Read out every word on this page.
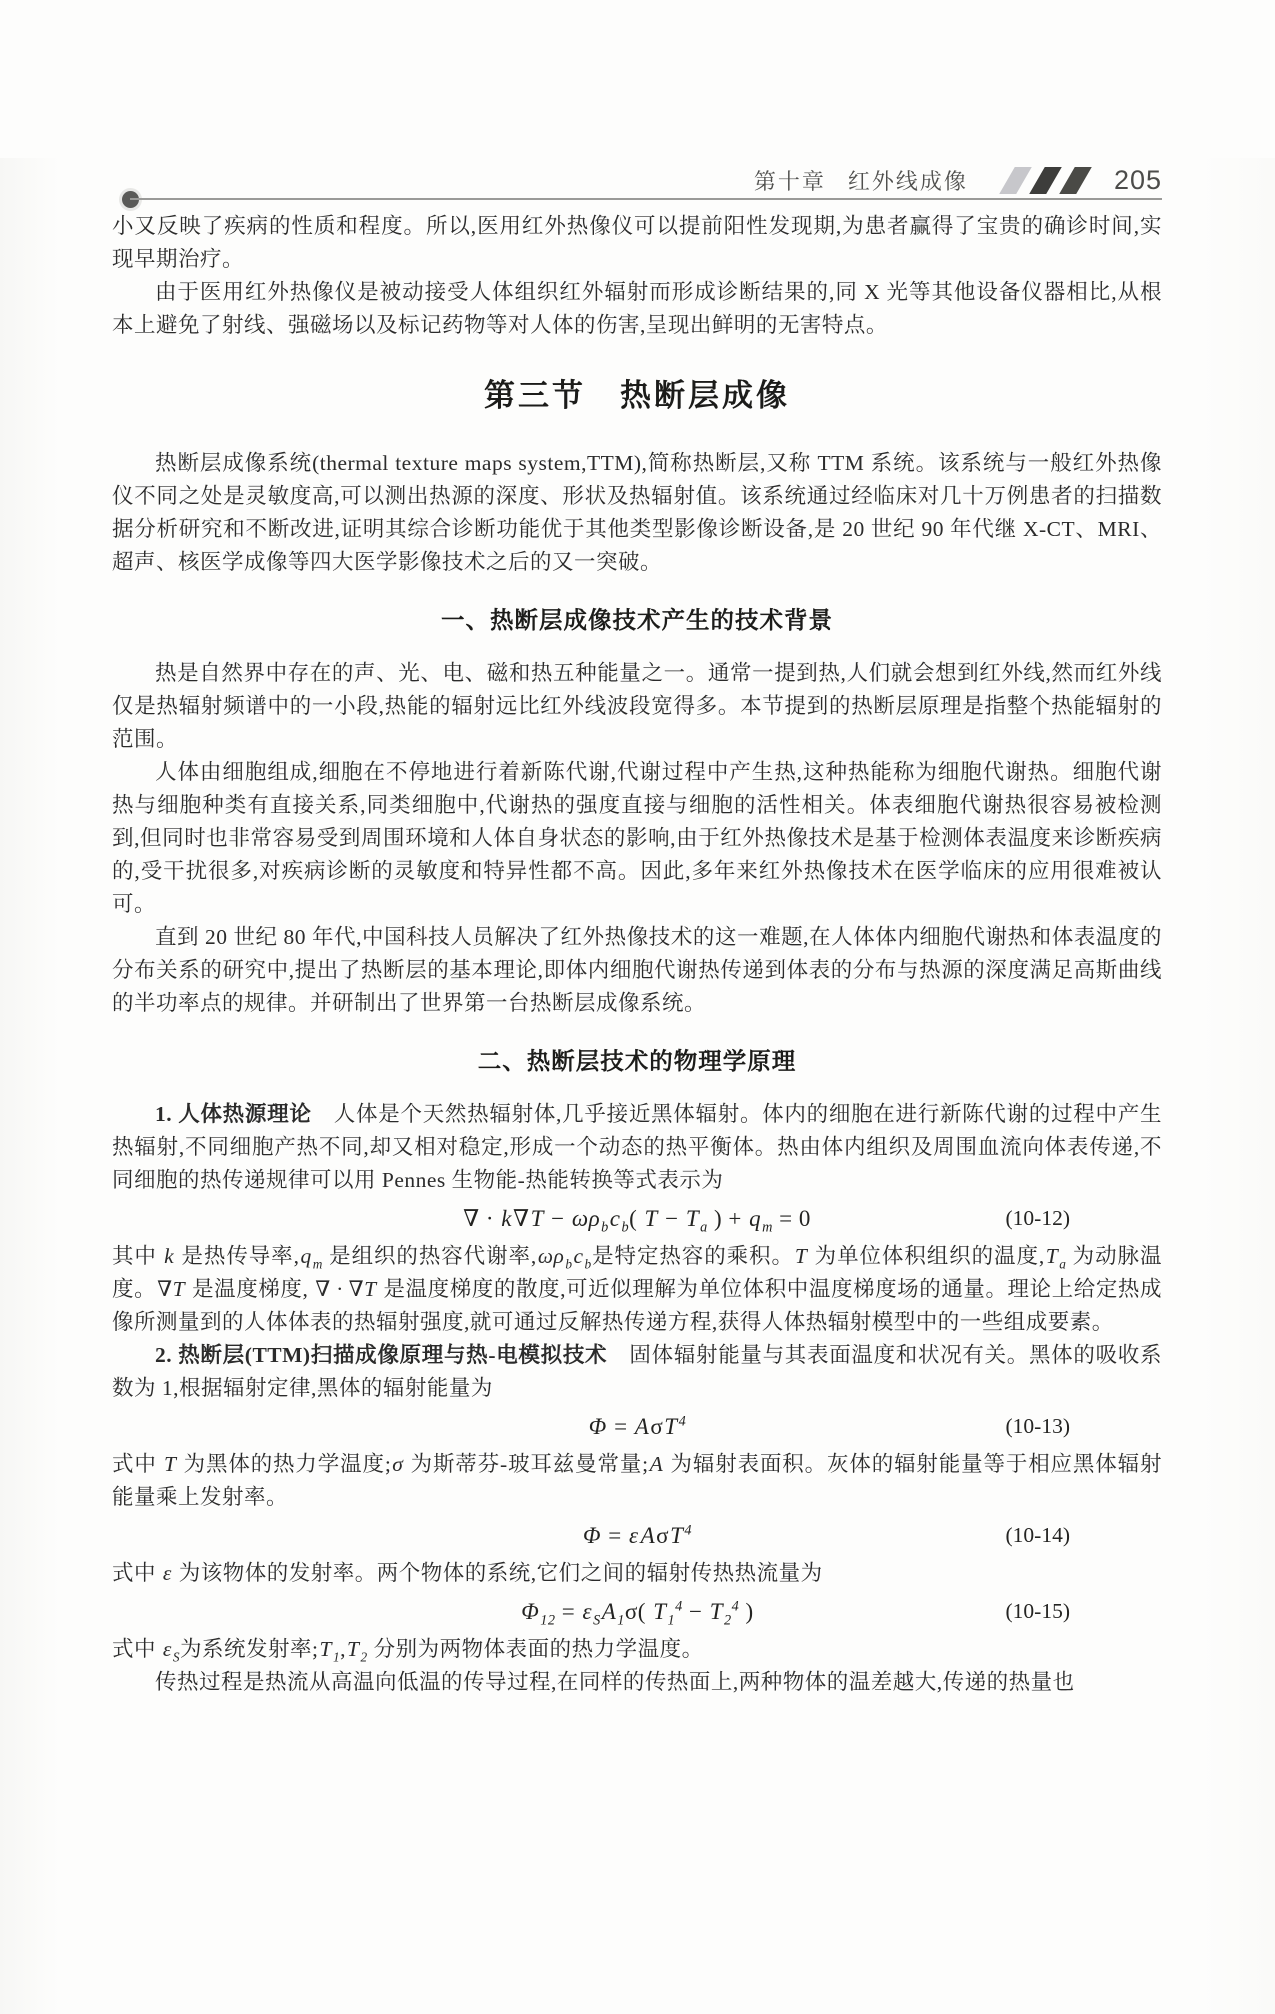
第十章 红外线成像	205

小又反映了疾病的性质和程度。所以,医用红外热像仪可以提前阳性发现期,为患者赢得了宝贵的确诊时间,实现早期治疗。

由于医用红外热像仪是被动接受人体组织红外辐射而形成诊断结果的,同 X 光等其他设备仪器相比,从根本上避免了射线、强磁场以及标记药物等对人体的伤害,呈现出鲜明的无害特点。

第三节　热断层成像

热断层成像系统(thermal texture maps system,TTM),简称热断层,又称 TTM 系统。该系统与一般红外热像仪不同之处是灵敏度高,可以测出热源的深度、形状及热辐射值。该系统通过经临床对几十万例患者的扫描数据分析研究和不断改进,证明其综合诊断功能优于其他类型影像诊断设备,是 20 世纪 90 年代继 X-CT、MRI、超声、核医学成像等四大医学影像技术之后的又一突破。

一、热断层成像技术产生的技术背景

热是自然界中存在的声、光、电、磁和热五种能量之一。通常一提到热,人们就会想到红外线,然而红外线仅是热辐射频谱中的一小段,热能的辐射远比红外线波段宽得多。本节提到的热断层原理是指整个热能辐射的范围。

人体由细胞组成,细胞在不停地进行着新陈代谢,代谢过程中产生热,这种热能称为细胞代谢热。细胞代谢热与细胞种类有直接关系,同类细胞中,代谢热的强度直接与细胞的活性相关。体表细胞代谢热很容易被检测到,但同时也非常容易受到周围环境和人体自身状态的影响,由于红外热像技术是基于检测体表温度来诊断疾病的,受干扰很多,对疾病诊断的灵敏度和特异性都不高。因此,多年来红外热像技术在医学临床的应用很难被认可。

直到 20 世纪 80 年代,中国科技人员解决了红外热像技术的这一难题,在人体体内细胞代谢热和体表温度的分布关系的研究中,提出了热断层的基本理论,即体内细胞代谢热传递到体表的分布与热源的深度满足高斯曲线的半功率点的规律。并研制出了世界第一台热断层成像系统。

二、热断层技术的物理学原理

1. 人体热源理论　人体是个天然热辐射体,几乎接近黑体辐射。体内的细胞在进行新陈代谢的过程中产生热辐射,不同细胞产热不同,却又相对稳定,形成一个动态的热平衡体。热由体内组织及周围血流向体表传递,不同细胞的热传递规律可以用 Pennes 生物能-热能转换等式表示为

∇ · $k\nabla T - \omega\rho_bc_b$( $T - T_a$ ) + $q_m = 0$	(10-12)

其中 k 是热传导率$,q_m$ 是组织的热容代谢率$,\omega\rho_bc_b$是特定热容的乘积。T 为单位体积组织的温度$,T_a$ 为动脉温度。∇T 是温度梯度, ∇ · ∇T 是温度梯度的散度,可近似理解为单位体积中温度梯度场的通量。理论上给定热成像所测量到的人体体表的热辐射强度,就可通过反解热传递方程,获得人体热辐射模型中的一些组成要素。

2. 热断层(TTM)扫描成像原理与热-电模拟技术　固体辐射能量与其表面温度和状况有关。黑体的吸收系数为 1,根据辐射定律,黑体的辐射能量为

Φ = AσT$^4$	(10-13)

式中 T 为黑体的热力学温度;σ 为斯蒂芬-玻耳兹曼常量;A 为辐射表面积。灰体的辐射能量等于相应黑体辐射能量乘上发射率。

Φ = εAσT$^4$	(10-14)

式中 ε 为该物体的发射率。两个物体的系统,它们之间的辐射传热热流量为

$\Phi_{12} = \varepsilon_SA_1\sigma$( $T_1^4 - T_2^4$ )	(10-15)

式中 $\varepsilon_S$为系统发射率$;T_1,T_2$ 分别为两物体表面的热力学温度。

传热过程是热流从高温向低温的传导过程,在同样的传热面上,两种物体的温差越大,传递的热量也
